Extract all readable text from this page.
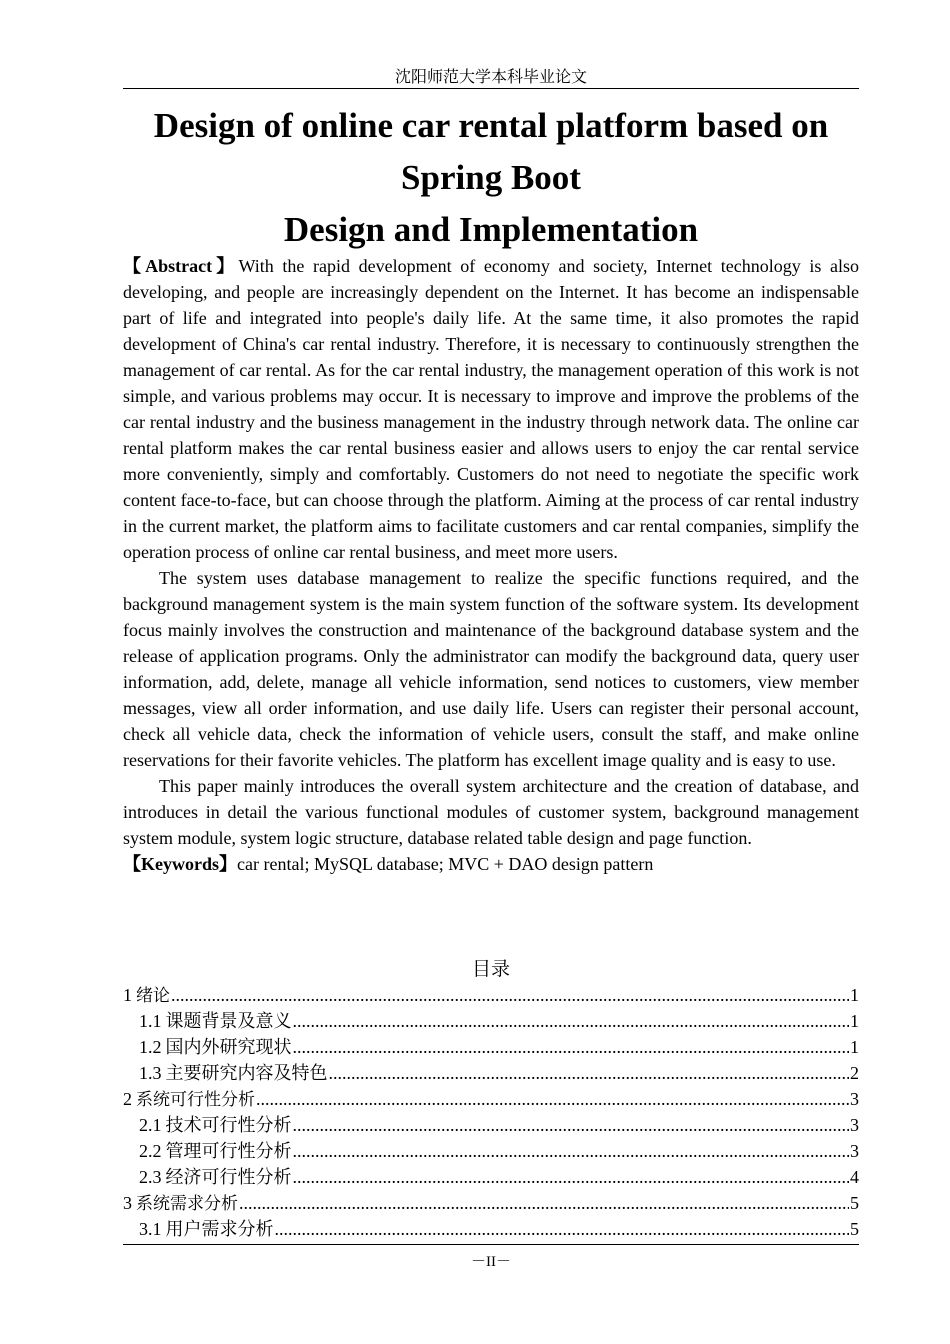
沈阳师范大学本科毕业论文
Design of online car rental platform based on
Spring Boot
Design and Implementation

【Abstract】With the rapid development of economy and society, Internet technology is also developing, and people are increasingly dependent on the Internet. It has become an indispensable part of life and integrated into people's daily life. At the same time, it also promotes the rapid development of China's car rental industry. Therefore, it is necessary to continuously strengthen the management of car rental. As for the car rental industry, the management operation of this work is not simple, and various problems may occur. It is necessary to improve and improve the problems of the car rental industry and the business management in the industry through network data. The online car rental platform makes the car rental business easier and allows users to enjoy the car rental service more conveniently, simply and comfortably. Customers do not need to negotiate the specific work content face-to-face, but can choose through the platform. Aiming at the process of car rental industry in the current market, the platform aims to facilitate customers and car rental companies, simplify the operation process of online car rental business, and meet more users.

The system uses database management to realize the specific functions required, and the background management system is the main system function of the software system. Its development focus mainly involves the construction and maintenance of the background database system and the release of application programs. Only the administrator can modify the background data, query user information, add, delete, manage all vehicle information, send notices to customers, view member messages, view all order information, and use daily life. Users can register their personal account, check all vehicle data, check the information of vehicle users, consult the staff, and make online reservations for their favorite vehicles. The platform has excellent image quality and is easy to use.

This paper mainly introduces the overall system architecture and the creation of database, and introduces in detail the various functional modules of customer system, background management system module, system logic structure, database related table design and page function.

【Keywords】car rental; MySQL database; MVC + DAO design pattern

目录
1 绪论 .....	1
1.1 课题背景及意义 .....	1
1.2 国内外研究现状 .....	1
1.3 主要研究内容及特色 .....	2
2 系统可行性分析 .....	3
2.1 技术可行性分析 .....	3
2.2 管理可行性分析 .....	3
2.3 经济可行性分析 .....	4
3 系统需求分析 .....	5
3.1 用户需求分析 .....	5
－II－
